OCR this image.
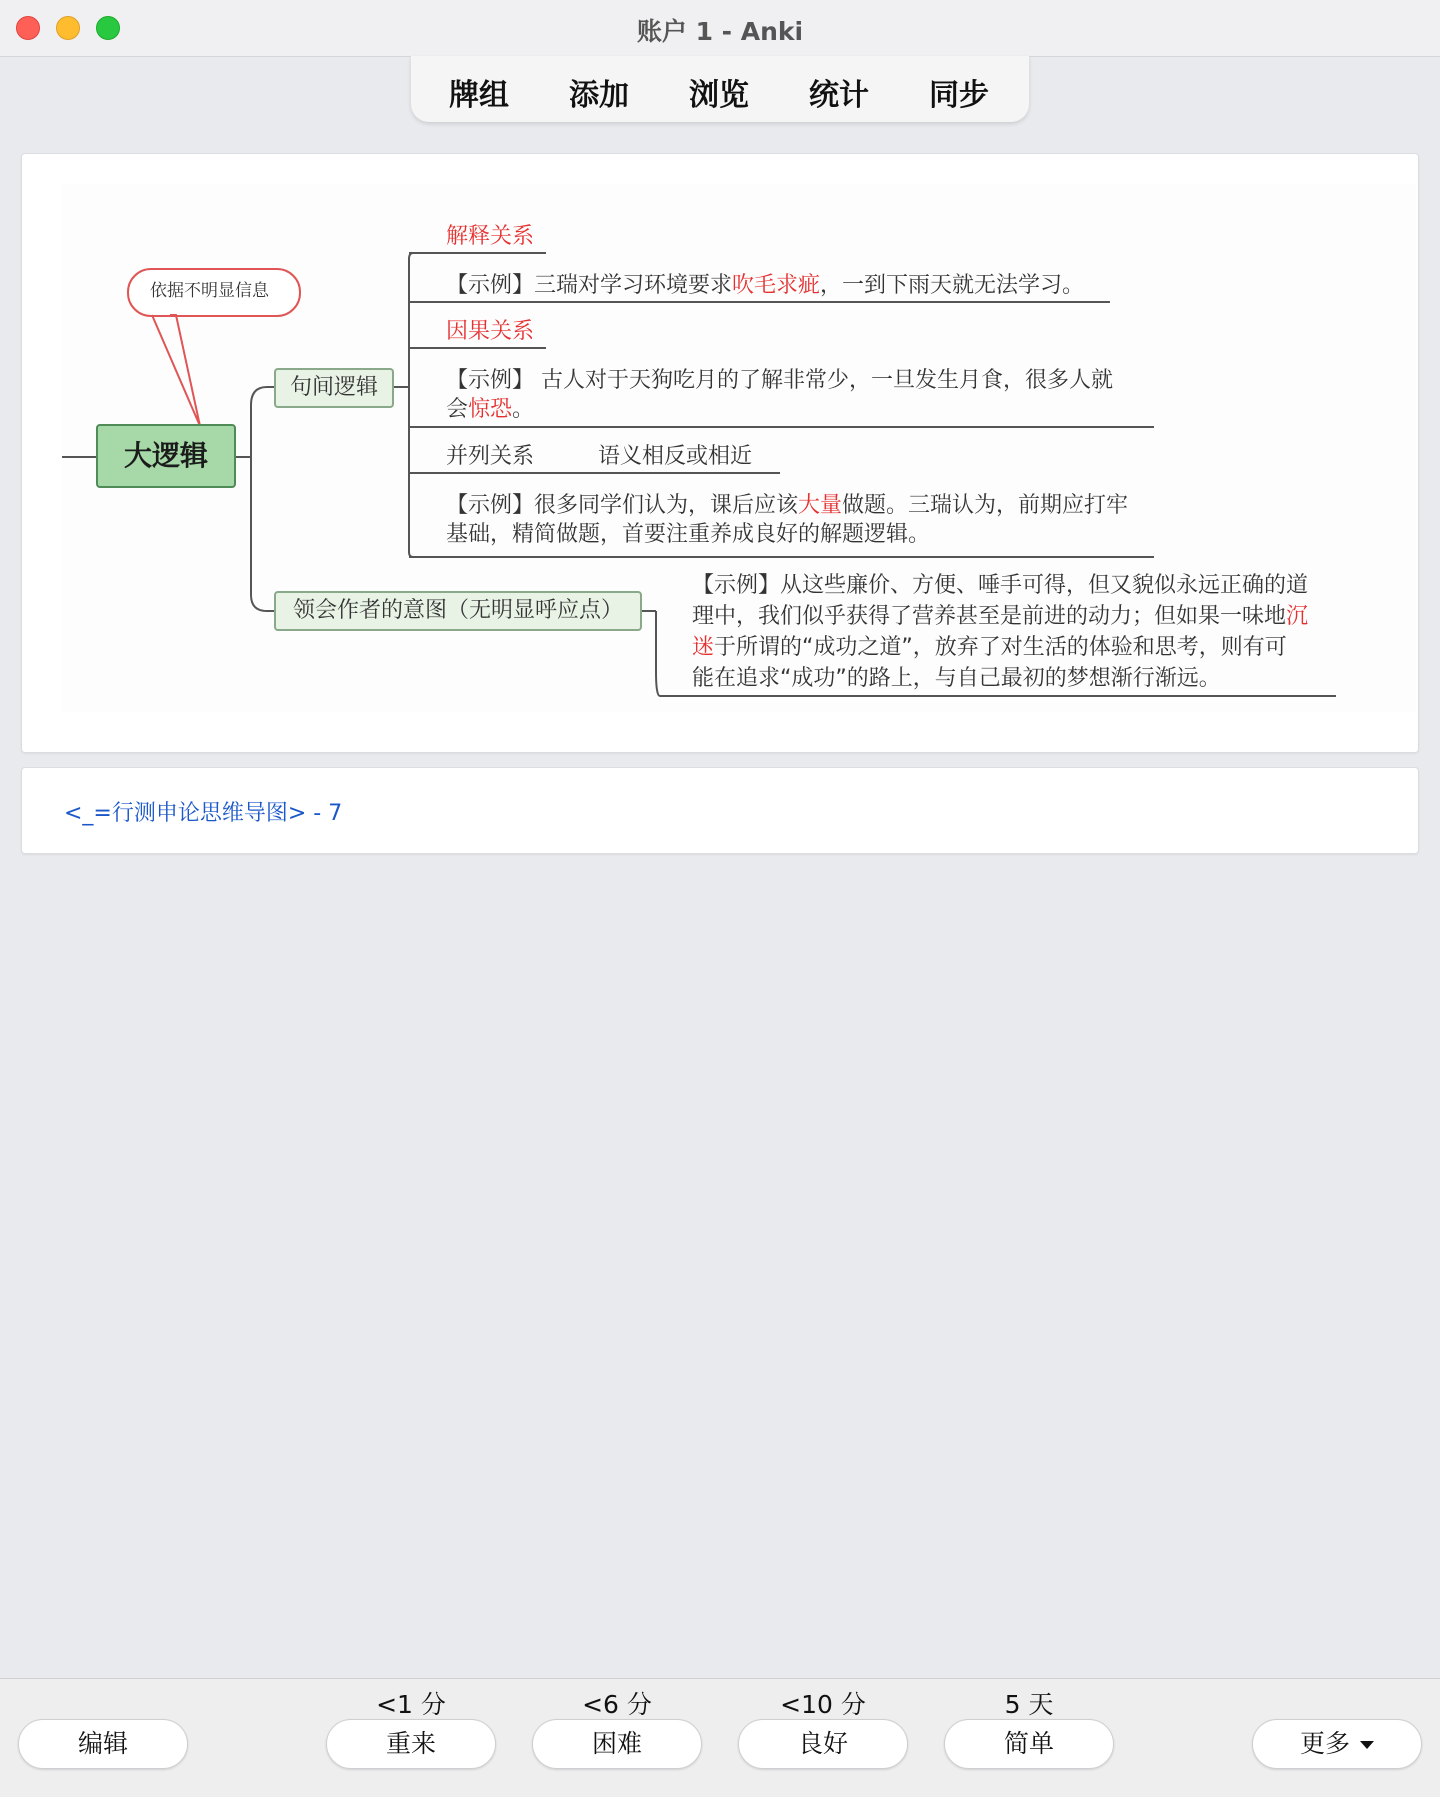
账户 1 - Anki
牌组 添加 浏览 统计 同步
依据不明显信息
大逻辑
句间逻辑
领会作者的意图（无明显呼应点）
解释关系
【示例】三瑞对学习环境要求吹毛求疵，一到下雨天就无法学习。
因果关系
【示例】 古人对于天狗吃月的了解非常少，一旦发生月食，很多人就
会惊恐。
并列关系	语义相反或相近
【示例】很多同学们认为，课后应该大量做题。三瑞认为，前期应打牢
基础，精简做题，首要注重养成良好的解题逻辑。
【示例】从这些廉价、方便、唾手可得，但又貌似永远正确的道
理中，我们似乎获得了营养甚至是前进的动力；但如果一味地沉
迷于所谓的“成功之道”，放弃了对生活的体验和思考，则有可
能在追求“成功”的路上，与自己最初的梦想渐行渐远。
<_=行测申论思维导图> - 7
编辑
<1 分
重来
<6 分
困难
<10 分
良好
5 天
简单	更多
